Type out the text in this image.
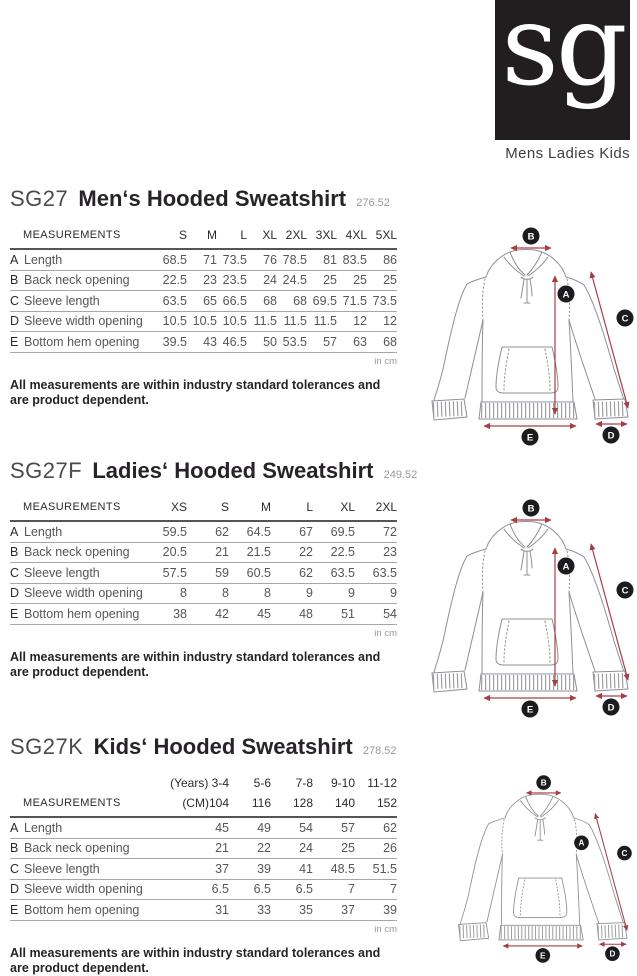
sg
Mens Ladies Kids
SG27 Men‘s Hooded Sweatshirt 276.52
MEASUREMENTS		S	M	L	XL	2XL	3XL	4XL	5XL
A	Length	68.5	71	73.5	76	78.5	81	83.5	86
B	Back neck opening	22.5	23	23.5	24	24.5	25	25	25
C	Sleeve length	63.5	65	66.5	68	68	69.5	71.5	73.5
D	Sleeve width opening	10.5	10.5	10.5	11.5	11.5	11.5	12	12
E	Bottom hem opening	39.5	43	46.5	50	53.5	57	63	68
in cm
All measurements are within industry standard tolerances and are product dependent.
B
A
C
D
E
SG27F Ladies‘ Hooded Sweatshirt 249.52
MEASUREMENTS		XS	S	M	L	XL	2XL
A	Length	59.5	62	64.5	67	69.5	72
B	Back neck opening	20.5	21	21.5	22	22.5	23
C	Sleeve length	57.5	59	60.5	62	63.5	63.5
D	Sleeve width opening	8	8	8	9	9	9
E	Bottom hem opening	38	42	45	48	51	54
in cm
All measurements are within industry standard tolerances and are product dependent.
B
A
C
D
E
SG27K Kids‘ Hooded Sweatshirt 278.52
		(Years) 3-4	5-6	7-8	9-10	11-12
MEASUREMENTS		(CM)104	116	128	140	152
A	Length	45	49	54	57	62
B	Back neck opening	21	22	24	25	26
C	Sleeve length	37	39	41	48.5	51.5
D	Sleeve width opening	6.5	6.5	6.5	7	7
E	Bottom hem opening	31	33	35	37	39
in cm
All measurements are within industry standard tolerances and are product dependent.
B
A
C
D
E
